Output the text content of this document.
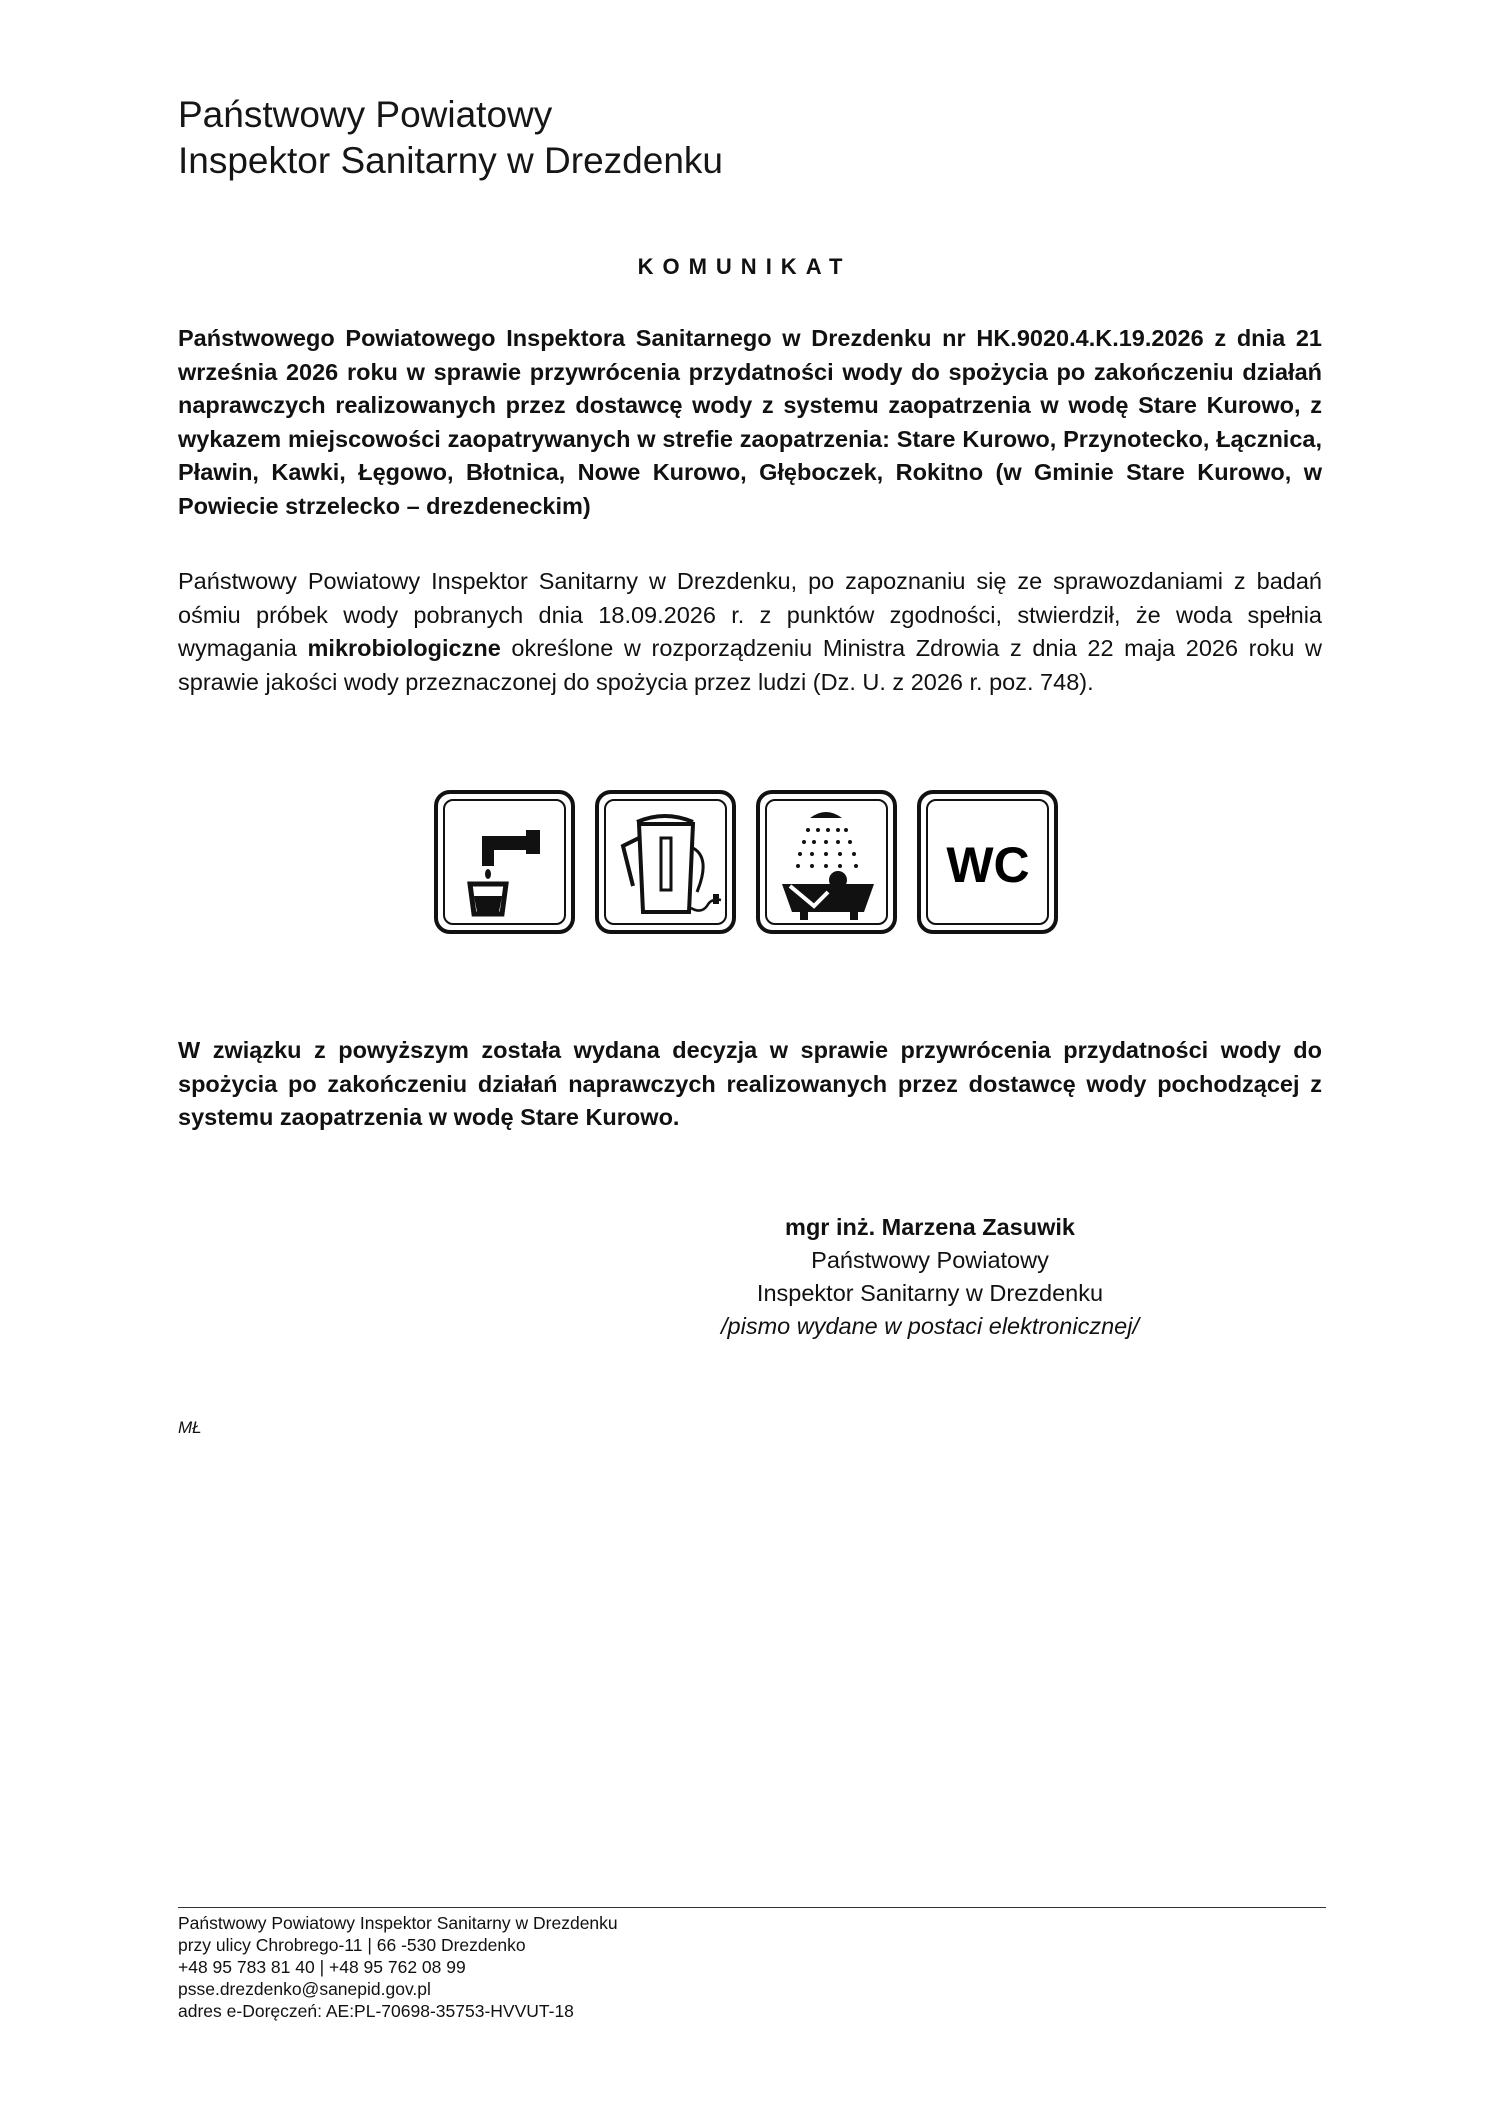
Państwowy Powiatowy
Inspektor Sanitarny w Drezdenku
KOMUNIKAT
Państwowego Powiatowego Inspektora Sanitarnego w Drezdenku nr HK.9020.4.K.19.2026 z dnia 21 września 2026 roku w sprawie przywrócenia przydatności wody do spożycia po zakończeniu działań naprawczych realizowanych przez dostawcę wody z systemu zaopatrzenia w wodę Stare Kurowo, z wykazem miejscowości zaopatrywanych w strefie zaopatrzenia: Stare Kurowo, Przynotecko, Łącznica, Pławin, Kawki, Łęgowo, Błotnica, Nowe Kurowo, Głęboczek, Rokitno (w Gminie Stare Kurowo, w Powiecie strzelecko – drezdeneckim)
Państwowy Powiatowy Inspektor Sanitarny w Drezdenku, po zapoznaniu się ze sprawozdaniami z badań ośmiu próbek wody pobranych dnia 18.09.2026 r. z punktów zgodności, stwierdził, że woda spełnia wymagania mikrobiologiczne określone w rozporządzeniu Ministra Zdrowia z dnia 22 maja 2026 roku w sprawie jakości wody przeznaczonej do spożycia przez ludzi (Dz. U. z 2026 r. poz. 748).
WC
W związku z powyższym została wydana decyzja w sprawie przywrócenia przydatności wody do spożycia po zakończeniu działań naprawczych realizowanych przez dostawcę wody pochodzącej z systemu zaopatrzenia w wodę Stare Kurowo.
mgr inż. Marzena Zasuwik
Państwowy Powiatowy
Inspektor Sanitarny w Drezdenku
/pismo wydane w postaci elektronicznej/
MŁ
Państwowy Powiatowy Inspektor Sanitarny w Drezdenku
przy ulicy Chrobrego-11 | 66 -530 Drezdenko
+48 95 783 81 40 | +48 95 762 08 99
psse.drezdenko@sanepid.gov.pl
adres e-Doręczeń: AE:PL-70698-35753-HVVUT-18
